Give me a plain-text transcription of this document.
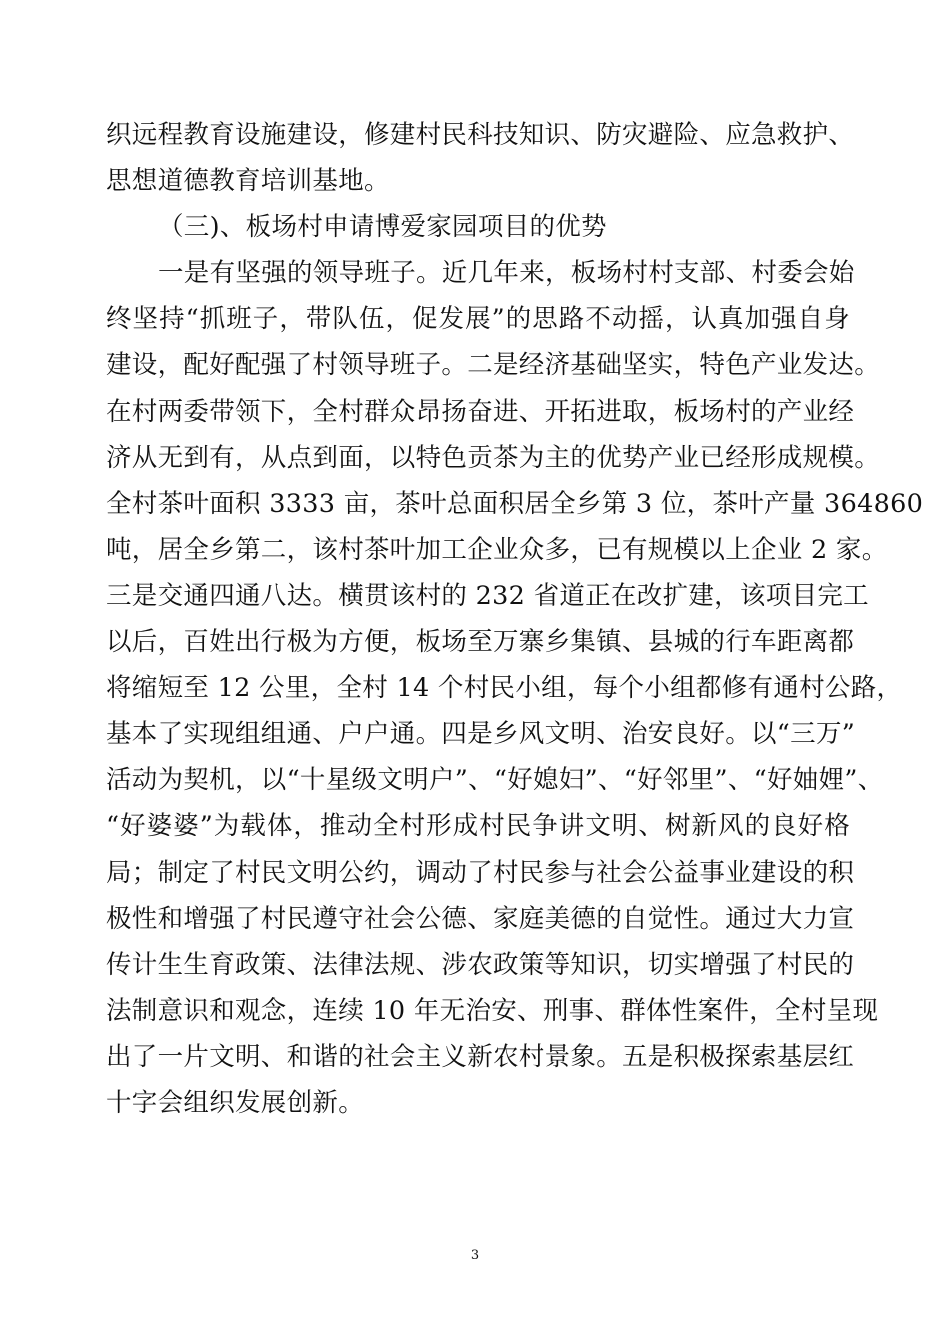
织远程教育设施建设，修建村民科技知识、防灾避险、应急救护、
思想道德教育培训基地。
（三)、板场村申请博爱家园项目的优势
一是有坚强的领导班子。近几年来，板场村村支部、村委会始
终坚持“抓班子，带队伍，促发展”的思路不动摇，认真加强自身
建设，配好配强了村领导班子。二是经济基础坚实，特色产业发达。
在村两委带领下，全村群众昂扬奋进、开拓进取，板场村的产业经
济从无到有，从点到面，以特色贡茶为主的优势产业已经形成规模。
全村茶叶面积 3333 亩，茶叶总面积居全乡第 3 位，茶叶产量 364860
吨，居全乡第二，该村茶叶加工企业众多，已有规模以上企业 2 家。
三是交通四通八达。横贯该村的 232 省道正在改扩建，该项目完工
以后，百姓出行极为方便，板场至万寨乡集镇、县城的行车距离都
将缩短至 12 公里，全村 14 个村民小组，每个小组都修有通村公路，
基本了实现组组通、户户通。四是乡风文明、治安良好。以“三万”
活动为契机，以“十星级文明户”、“好媳妇”、“好邻里”、“好妯娌”、
“好婆婆”为载体，推动全村形成村民争讲文明、树新风的良好格
局；制定了村民文明公约，调动了村民参与社会公益事业建设的积
极性和增强了村民遵守社会公德、家庭美德的自觉性。通过大力宣
传计生生育政策、法律法规、涉农政策等知识，切实增强了村民的
法制意识和观念，连续 10 年无治安、刑事、群体性案件，全村呈现
出了一片文明、和谐的社会主义新农村景象。五是积极探索基层红
十字会组织发展创新。
3
